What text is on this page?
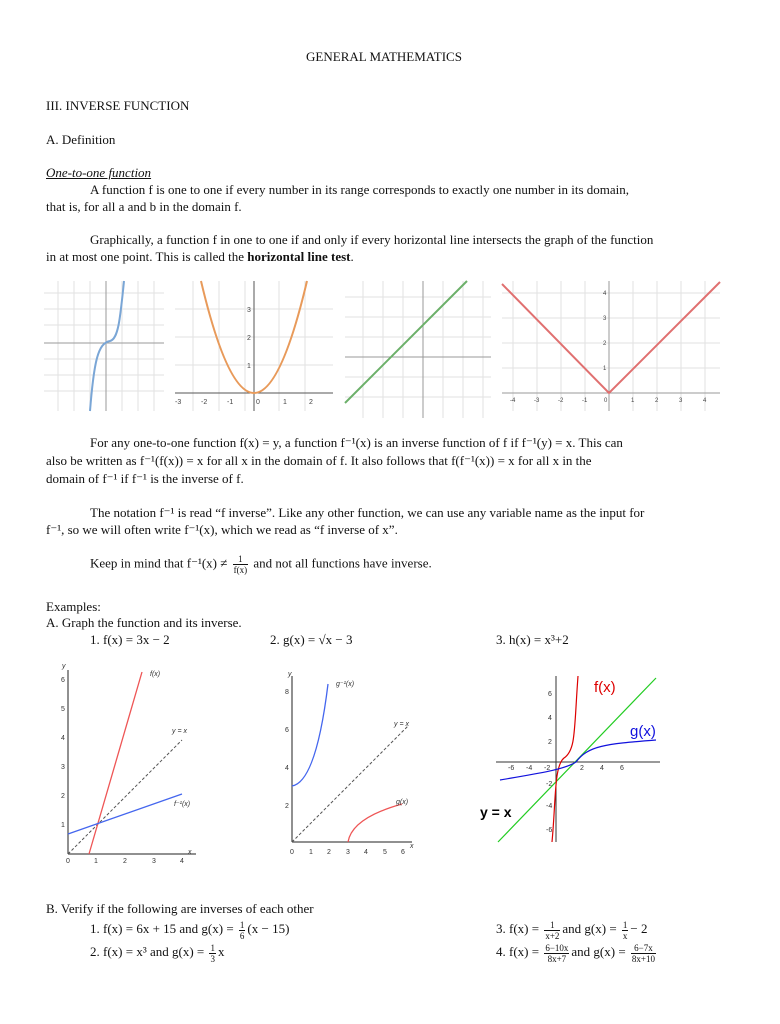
GENERAL MATHEMATICS
III. INVERSE FUNCTION
A. Definition
One-to-one function
A function f is one to one if every number in its range corresponds to exactly one number in its domain,
that is, for all a and b in the domain f.
Graphically, a function f in one to one if and only if every horizontal line intersects the graph of the function
in at most one point. This is called the horizontal line test.
-3	-2	-1	0	1	2
3
2
1
-4	-3	-2	-1	0	1	2	3	4
4
3
2
1
For any one-to-one function f(x) = y, a function f⁻¹(x) is an inverse function of f if f⁻¹(y) = x. This can
also be written as f⁻¹(f(x)) = x for all x in the domain of f. It also follows that f(f⁻¹(x)) = x for all x in the
domain of f⁻¹ if f⁻¹ is the inverse of f.
The notation f⁻¹ is read “f inverse”. Like any other function, we can use any variable name as the input for
f⁻¹, so we will often write f⁻¹(x), which we read as “f inverse of x”.
Keep in mind that $f^{-1}(x) \ne \frac{1}{f(x)}$ and not all functions have inverse.
Examples:
A. Graph the function and its inverse.
1. f(x) = 3x − 2	2. g(x) = √x − 3	3. h(x) = x³+2
y
x
f(x)
y = x
f⁻¹(x)
0	1	2	3	4
1
2
3
4
5
6
y
x
g⁻¹(x)
y = x
g(x)
0 1 2 3 4 5 6
2
4
6
8	f(x)
g(x)
y = x
-6 -4 -2	2 4 6
6
4
2
-2
-4
-6
B. Verify if the following are inverses of each other
1. f(x) = 6x + 15 and $g(x) = \frac{1}{6} (x - 15)$
2. f(x) = x³ and $g(x) = \frac{1}{3}$ x
3. $f(x) = \frac{1}{x+2}$ and $g(x) = \frac{1}{x} - 2$
4. $f(x) = \frac{6-10x}{8x+7}$ and $g(x) = \frac{6-7x}{8x+10}$
